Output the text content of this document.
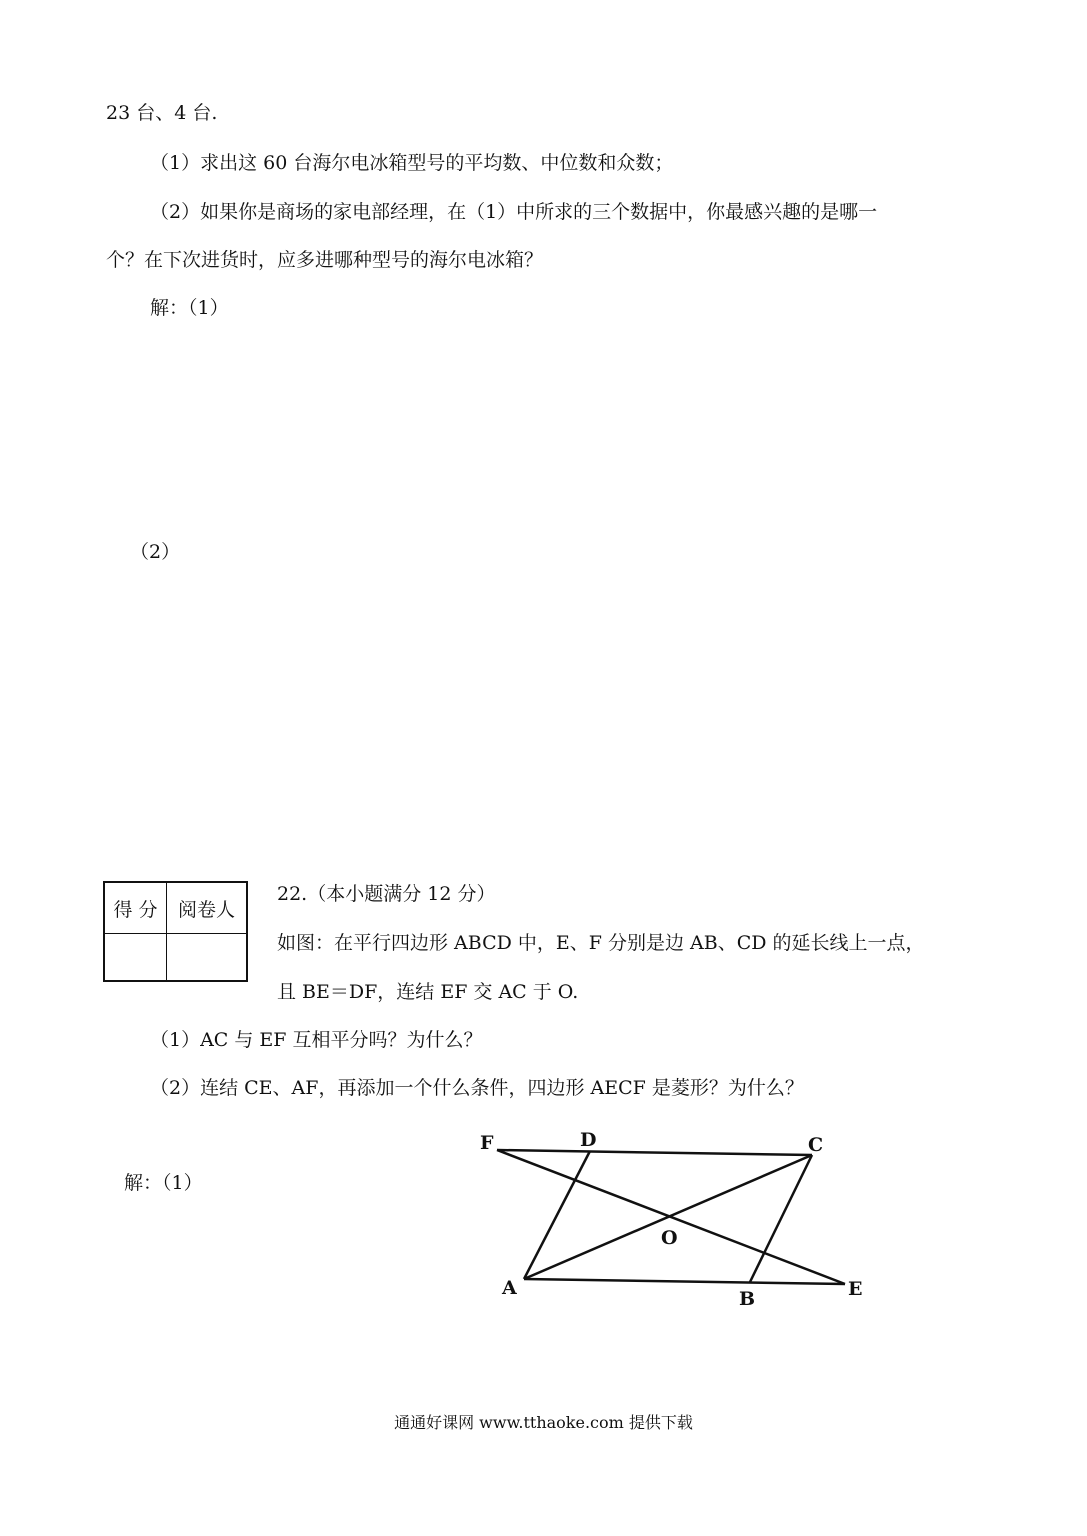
23 台、4 台.
（1）求出这 60 台海尔电冰箱型号的平均数、中位数和众数；
（2）如果你是商场的家电部经理，在（1）中所求的三个数据中，你最感兴趣的是哪一
个？在下次进货时，应多进哪种型号的海尔电冰箱？
解：（1）
（2）
得 分	阅卷人

22.（本小题满分 12 分）
如图：在平行四边形 ABCD 中，E、F 分别是边 AB、CD 的延长线上一点，
且 BE＝DF，连结 EF 交 AC 于 O.
（1）AC 与 EF 互相平分吗？为什么？
（2）连结 CE、AF，再添加一个什么条件，四边形 AECF 是菱形？为什么？
解：（1）
F	D	C
O
A	B	E
通通好课网 www.tthaoke.com 提供下载
